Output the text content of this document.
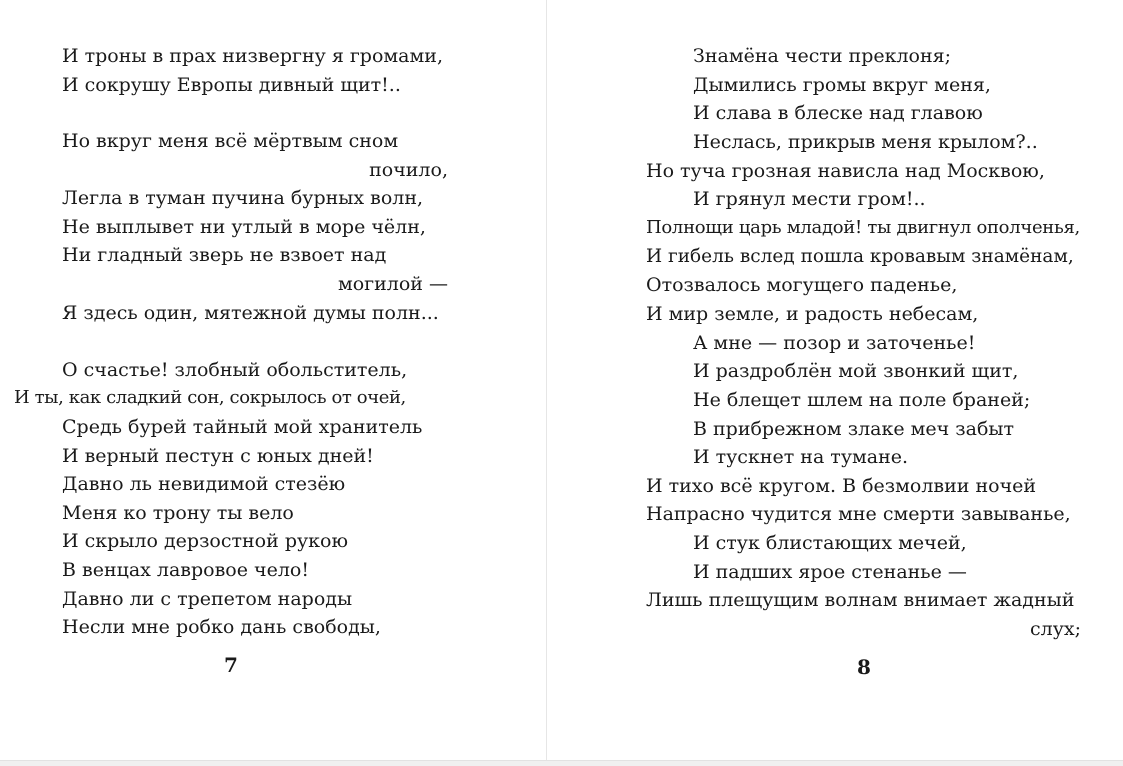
И троны в прах низвергну я громами,
И сокрушу Европы дивный щит!..
Но вкруг меня всё мёртвым сном
почило,
Легла в туман пучина бурных волн,
Не выплывет ни утлый в море чёлн,
Ни гладный зверь не взвоет над
могилой —
Я здесь один, мятежной думы полн...
О счастье! злобный обольститель,
И ты, как сладкий сон, сокрылось от очей,
Средь бурей тайный мой хранитель
И верный пестун с юных дней!
Давно ль невидимой стезёю
Меня ко трону ты вело
И скрыло дерзостной рукою
В венцах лавровое чело!
Давно ли с трепетом народы
Несли мне робко дань свободы,
7
Знамёна чести преклоня;
Дымились громы вкруг меня,
И слава в блеске над главою
Неслась, прикрыв меня крылом?..
Но туча грозная нависла над Москвою,
И грянул мести гром!..
Полнощи царь младой! ты двигнул ополченья,
И гибель вслед пошла кровавым знамёнам,
Отозвалось могущего паденье,
И мир земле, и радость небесам,
А мне — позор и заточенье!
И раздроблён мой звонкий щит,
Не блещет шлем на поле браней;
В прибрежном злаке меч забыт
И тускнет на тумане.
И тихо всё кругом. В безмолвии ночей
Напрасно чудится мне смерти завыванье,
И стук блистающих мечей,
И падших ярое стенанье —
Лишь плещущим волнам внимает жадный
слух;
8
